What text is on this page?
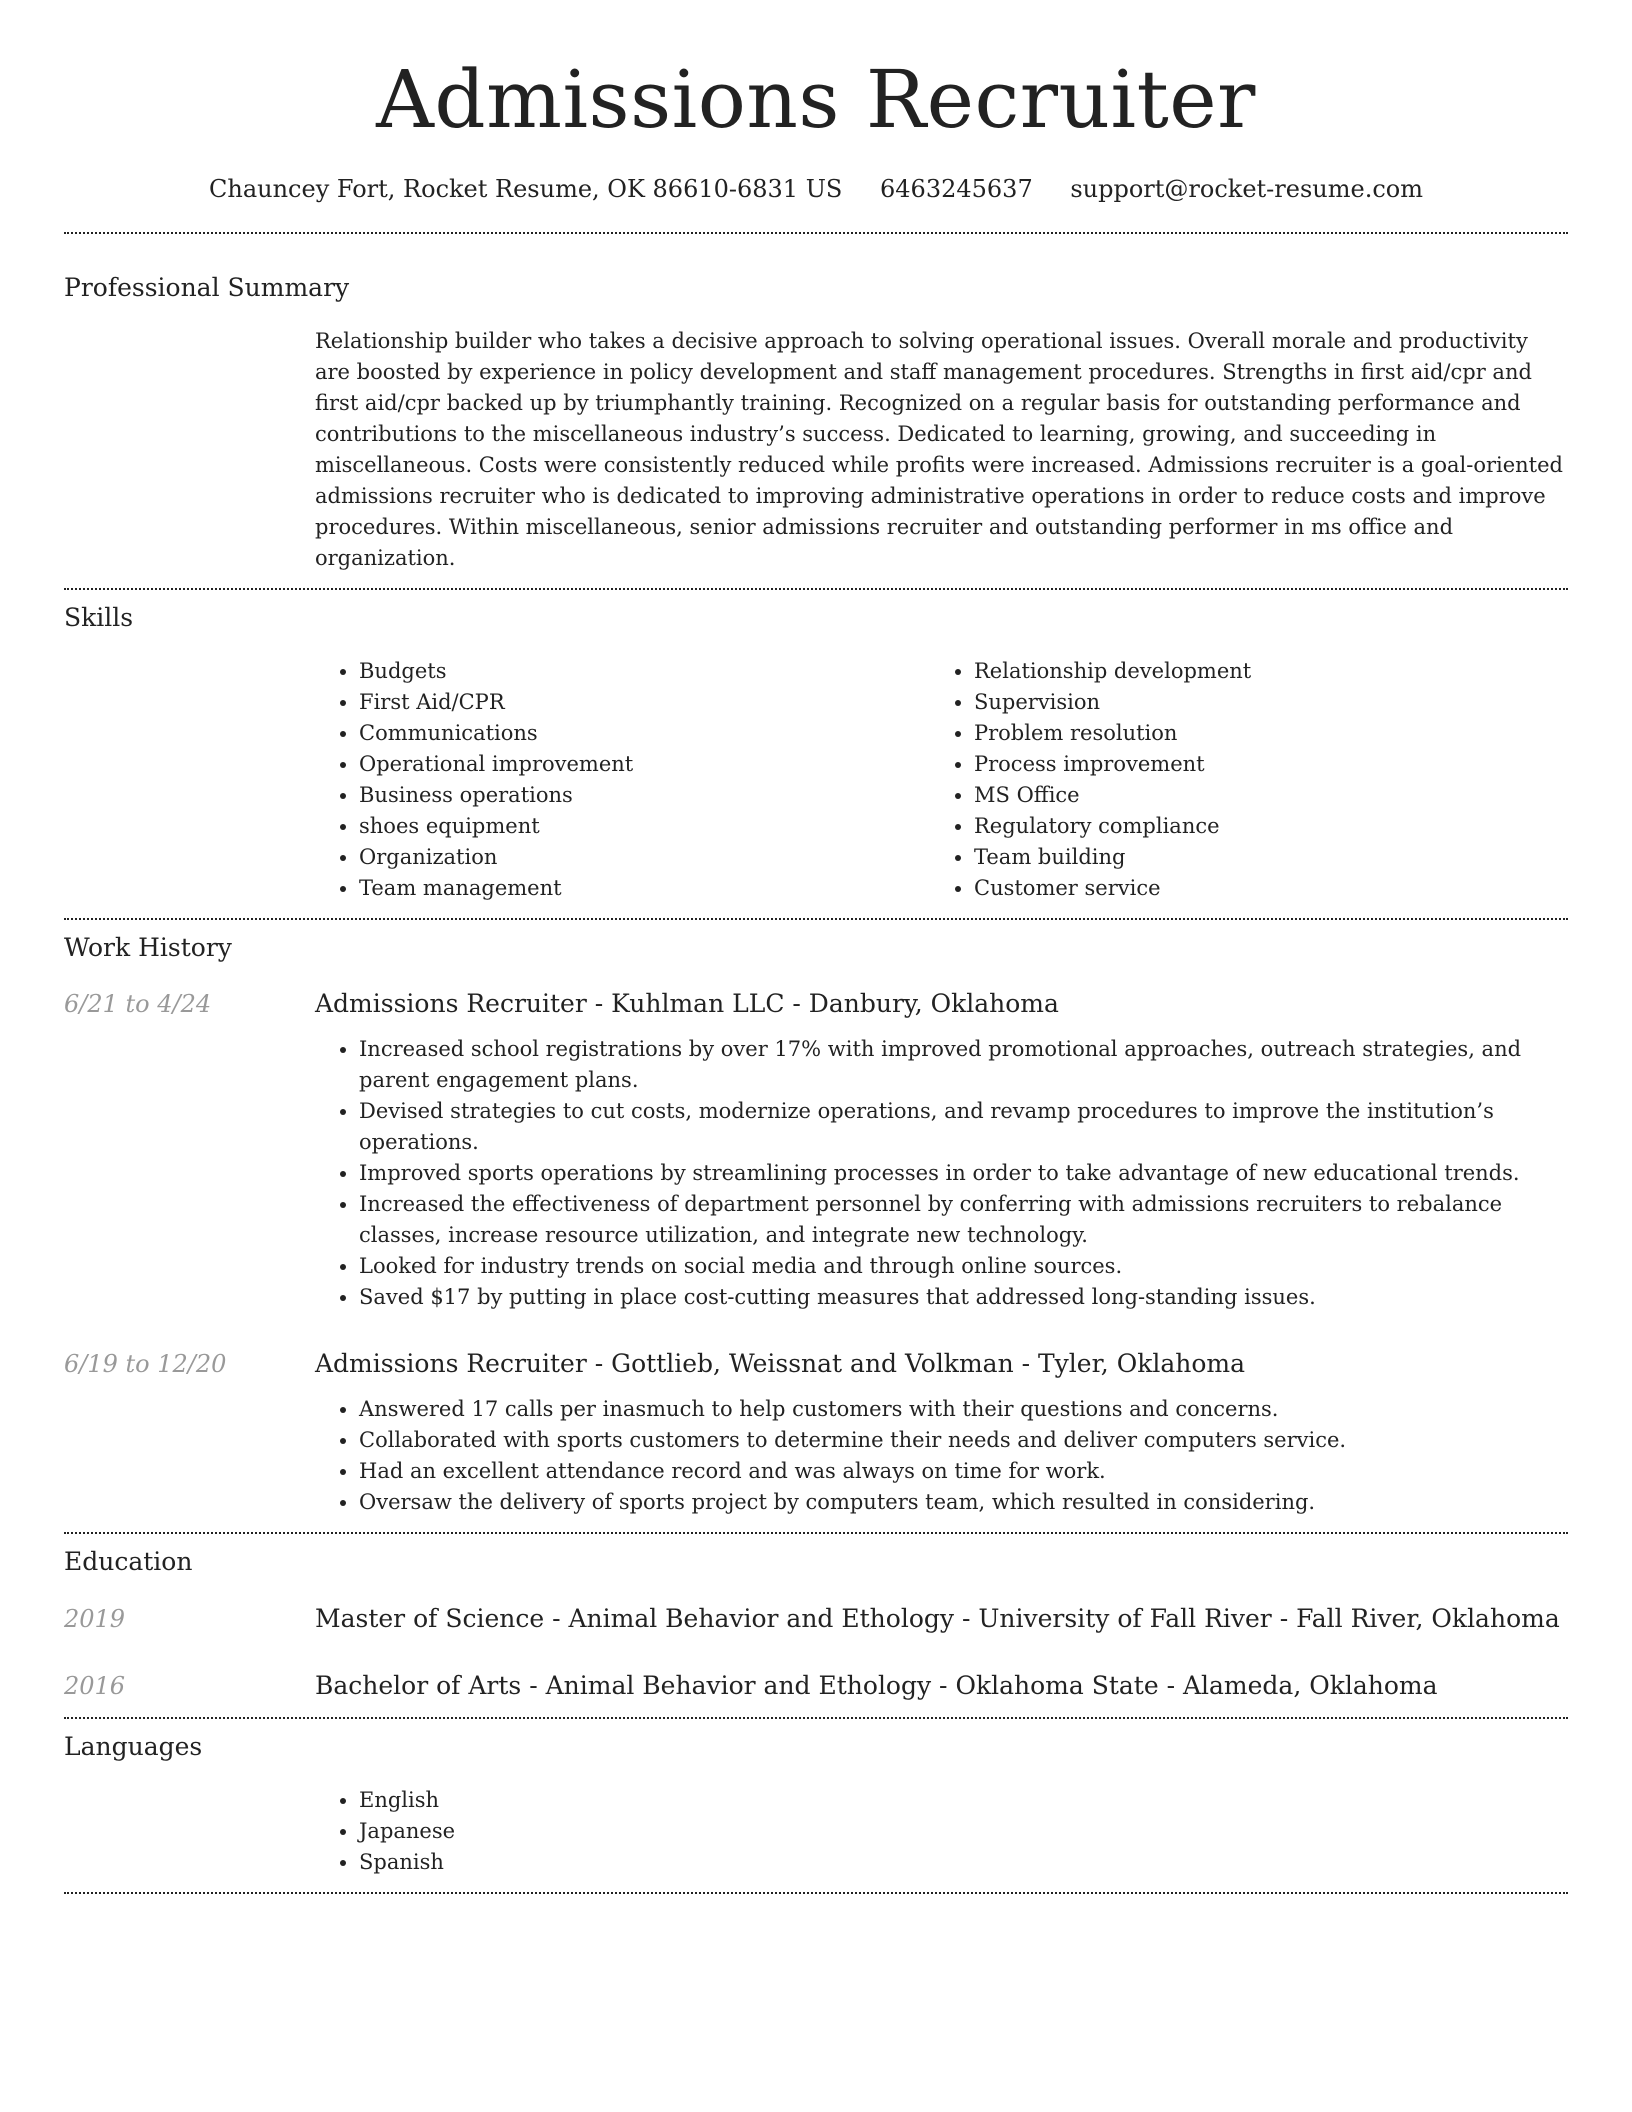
Admissions Recruiter
Chauncey Fort, Rocket Resume, OK 86610-6831 US 6463245637 support@rocket-resume.com
Professional Summary

Relationship builder who takes a decisive approach to solving operational issues. Overall morale and productivity are boosted by experience in policy development and staff management procedures. Strengths in first aid/cpr and first aid/cpr backed up by triumphantly training. Recognized on a regular basis for outstanding performance and contributions to the miscellaneous industry’s success. Dedicated to learning, growing, and succeeding in miscellaneous. Costs were consistently reduced while profits were increased. Admissions recruiter is a goal-oriented admissions recruiter who is dedicated to improving administrative operations in order to reduce costs and improve procedures. Within miscellaneous, senior admissions recruiter and outstanding performer in ms office and organization.

Skills
• Budgets
• First Aid/CPR
• Communications
• Operational improvement
• Business operations
• shoes equipment
• Organization
• Team management
• Relationship development
• Supervision
• Problem resolution
• Process improvement
• MS Office
• Regulatory compliance
• Team building
• Customer service
Work History
6/21 to 4/24	Admissions Recruiter - Kuhlman LLC - Danbury, Oklahoma
• Increased school registrations by over 17% with improved promotional approaches, outreach strategies, and parent engagement plans.
• Devised strategies to cut costs, modernize operations, and revamp procedures to improve the institution’s operations.
• Improved sports operations by streamlining processes in order to take advantage of new educational trends.
• Increased the effectiveness of department personnel by conferring with admissions recruiters to rebalance classes, increase resource utilization, and integrate new technology.
• Looked for industry trends on social media and through online sources.
• Saved $17 by putting in place cost-cutting measures that addressed long-standing issues.
6/19 to 12/20	Admissions Recruiter - Gottlieb, Weissnat and Volkman - Tyler, Oklahoma
• Answered 17 calls per inasmuch to help customers with their questions and concerns.
• Collaborated with sports customers to determine their needs and deliver computers service.
• Had an excellent attendance record and was always on time for work.
• Oversaw the delivery of sports project by computers team, which resulted in considering.
Education
2019	Master of Science - Animal Behavior and Ethology - University of Fall River - Fall River, Oklahoma
2016	Bachelor of Arts - Animal Behavior and Ethology - Oklahoma State - Alameda, Oklahoma
Languages
• English
• Japanese
• Spanish
